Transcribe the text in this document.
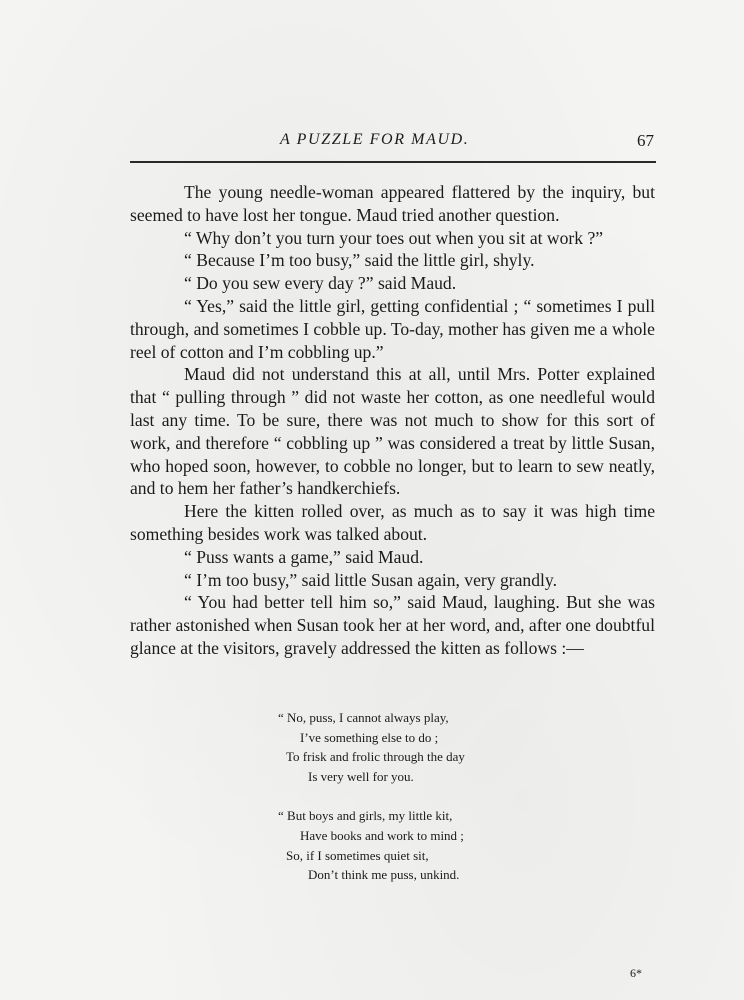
A PUZZLE FOR MAUD.	67

The young needle-woman appeared flattered by the inquiry, but seemed to have lost her tongue. Maud tried another question.

“ Why don’t you turn your toes out when you sit at work ?”

“ Because I’m too busy,” said the little girl, shyly.

“ Do you sew every day ?” said Maud.

“ Yes,” said the little girl, getting confidential ; “ sometimes I pull through, and sometimes I cobble up. To-day, mother has given me a whole reel of cotton and I’m cobbling up.”

Maud did not understand this at all, until Mrs. Potter explained that “ pulling through ” did not waste her cotton, as one needleful would last any time. To be sure, there was not much to show for this sort of work, and therefore “ cobbling up ” was considered a treat by little Susan, who hoped soon, however, to cobble no longer, but to learn to sew neatly, and to hem her father’s handkerchiefs.

Here the kitten rolled over, as much as to say it was high time something besides work was talked about.

“ Puss wants a game,” said Maud.

“ I’m too busy,” said little Susan again, very grandly.

“ You had better tell him so,” said Maud, laughing. But she was rather astonished when Susan took her at her word, and, after one doubtful glance at the visitors, gravely addressed the kitten as follows :—

“ No, puss, I cannot always play,
I’ve something else to do ;
To frisk and frolic through the day
Is very well for you.
“ But boys and girls, my little kit,
Have books and work to mind ;
So, if I sometimes quiet sit,
Don’t think me puss, unkind.
6*
